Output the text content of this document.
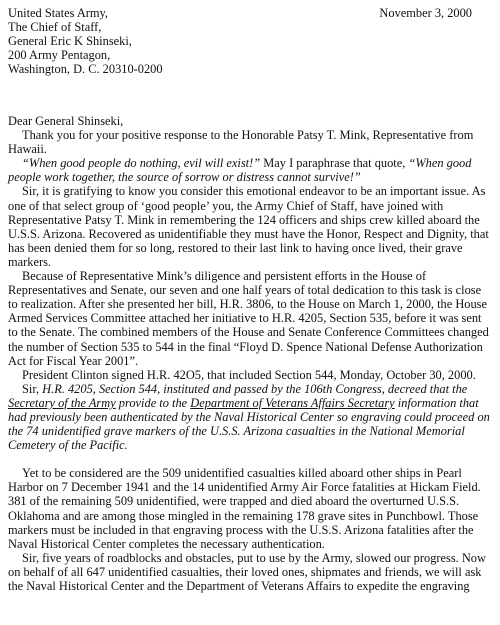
November 3, 2000
United States Army,
The Chief of Staff,
General Eric K Shinseki,
200 Army Pentagon,
Washington, D. C. 20310-0200
Dear General Shinseki,

Thank you for your positive response to the Honorable Patsy T. Mink, Representative from Hawaii.

“When good people do nothing, evil will exist!” May I paraphrase that quote, “When good people work together, the source of sorrow or distress cannot survive!”

Sir, it is gratifying to know you consider this emotional endeavor to be an important issue. As one of that select group of ‘good people’ you, the Army Chief of Staff, have joined with Representative Patsy T. Mink in remembering the 124 officers and ships crew killed aboard the U.S.S. Arizona. Recovered as unidentifiable they must have the Honor, Respect and Dignity, that has been denied them for so long, restored to their last link to having once lived, their grave markers.

Because of Representative Mink’s diligence and persistent efforts in the House of Representatives and Senate, our seven and one half years of total dedication to this task is close to realization. After she presented her bill, H.R. 3806, to the House on March 1, 2000, the House Armed Services Committee attached her initiative to H.R. 4205, Section 535, before it was sent to the Senate. The combined members of the House and Senate Conference Committees changed the number of Section 535 to 544 in the final “Floyd D. Spence National Defense Authorization Act for Fiscal Year 2001”.

President Clinton signed H.R. 42O5, that included Section 544, Monday, October 30, 2000.

Sir, H.R. 4205, Section 544, instituted and passed by the 106th Congress, decreed that the Secretary of the Army provide to the Department of Veterans Affairs Secretary information that had previously been authenticated by the Naval Historical Center so engraving could proceed on the 74 unidentified grave markers of the U.S.S. Arizona casualties in the National Memorial Cemetery of the Pacific.

Yet to be considered are the 509 unidentified casualties killed aboard other ships in Pearl Harbor on 7 December 1941 and the 14 unidentified Army Air Force fatalities at Hickam Field. 381 of the remaining 509 unidentified, were trapped and died aboard the overturned U.S.S. Oklahoma and are among those mingled in the remaining 178 grave sites in Punchbowl. Those markers must be included in that engraving process with the U.S.S. Arizona fatalities after the Naval Historical Center completes the necessary authentication.

Sir, five years of roadblocks and obstacles, put to use by the Army, slowed our progress. Now on behalf of all 647 unidentified casualties, their loved ones, shipmates and friends, we will ask the Naval Historical Center and the Department of Veterans Affairs to expedite the engraving
